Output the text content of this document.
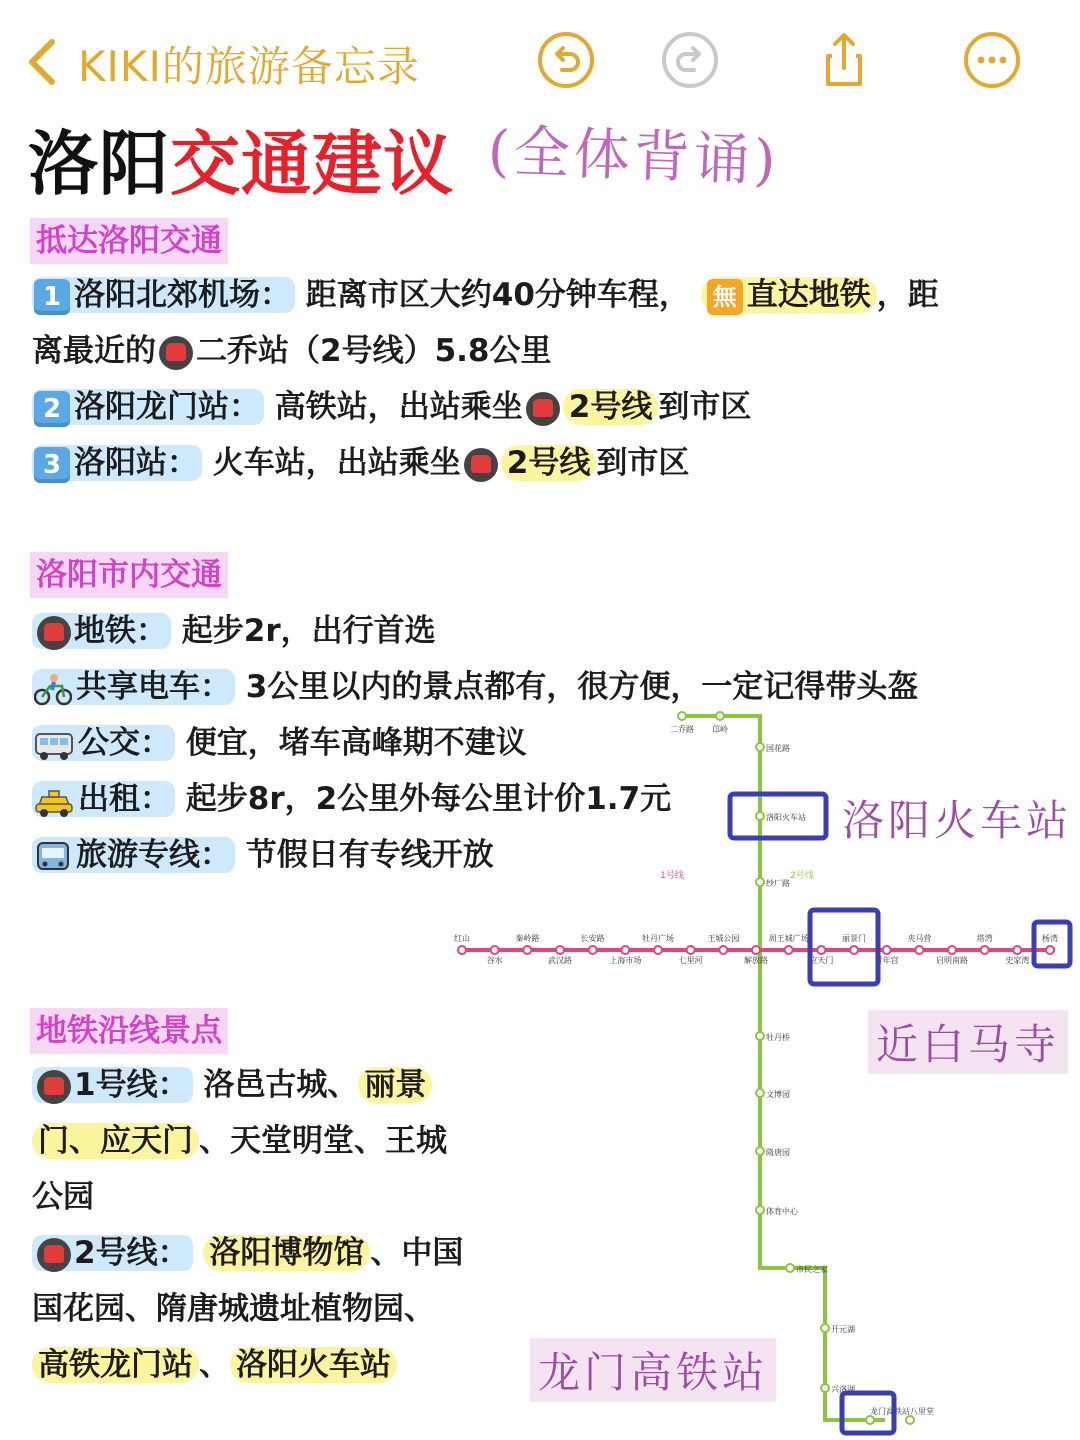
KIKI的旅游备忘录
洛阳交通建议 (全体背诵)
抵达洛阳交通
1 洛阳北郊机场： 距离市区大约40分钟车程， 無 直达地铁 ，距
离最近的 二乔站（2号线）5.8公里
2 洛阳龙门站： 高铁站，出站乘坐 2号线 到市区
3 洛阳站： 火车站，出站乘坐 2号线 到市区
洛阳市内交通
地铁： 起步2r，出行首选
共享电车： 3公里以内的景点都有，很方便，一定记得带头盔
公交： 便宜，堵车高峰期不建议
出租： 起步8r，2公里外每公里计价1.7元
旅游专线： 节假日有专线开放
地铁沿线景点
1号线： 洛邑古城、 丽景
门、应天门 、天堂明堂、王城
公园
2号线： 洛阳博物馆 、中国
国花园、隋唐城遗址植物园、
高铁龙门站 、 洛阳火车站
红山
谷水
秦岭路
武汉路
长安路
上海市场
牡丹广场
七里河
王城公园
解放路
周王城广场
应天门
丽景门
青年宫
夹马营
启明南路
塔湾
史家湾
杨湾
二乔路 邙岭
国花路
洛阳火车站
纱厂路
牡丹桥
文博园
隋唐园
体育中心
市民之家
开元湖
兴洛湖
龙门高铁站 八里堂
1号线	2号线
洛阳火车站
近白马寺
龙门高铁站
